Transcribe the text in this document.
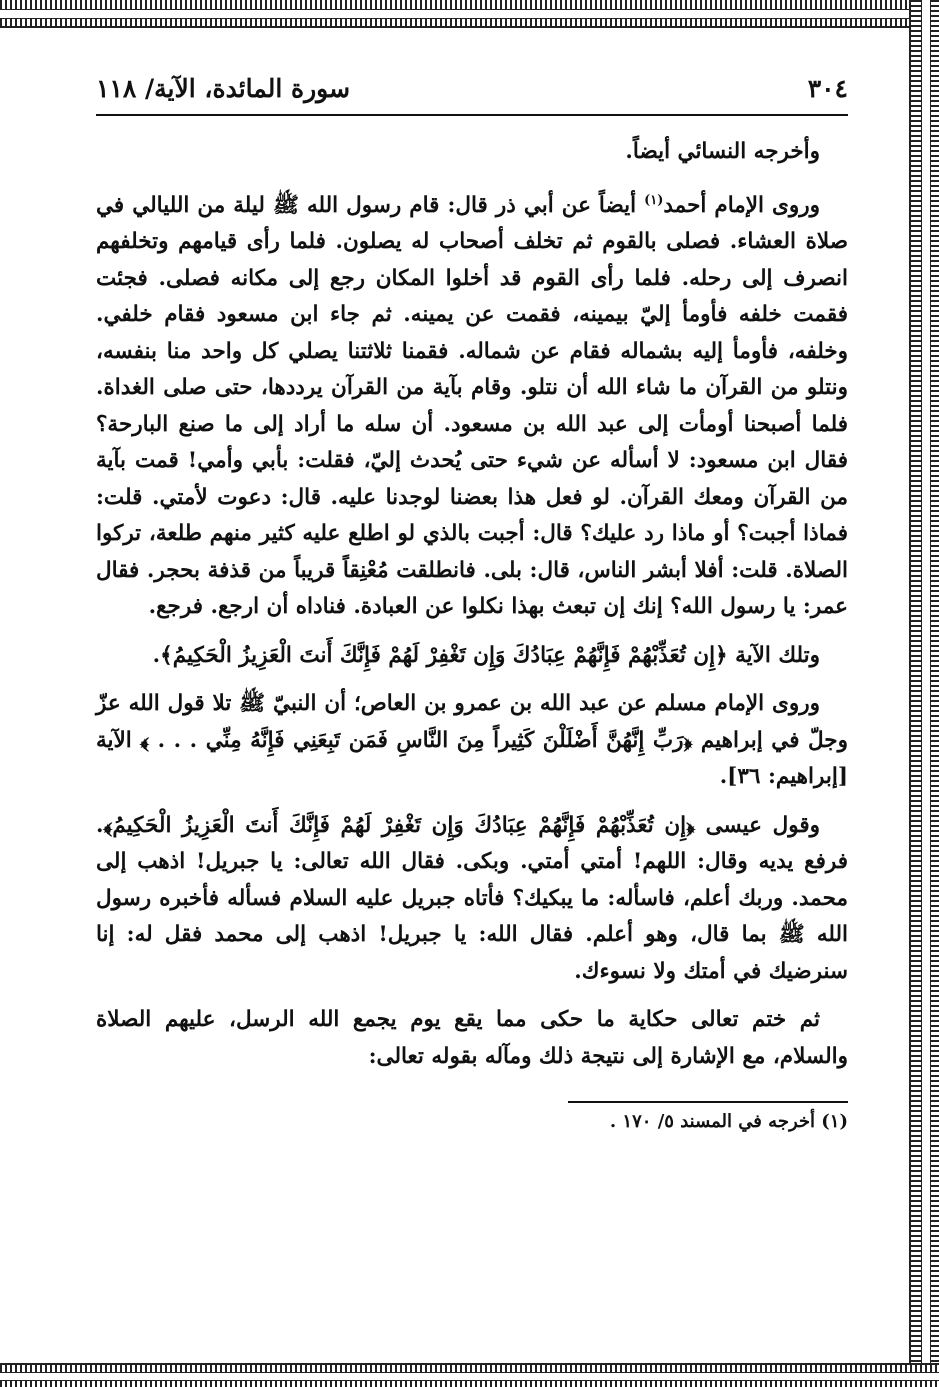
٣٠٤
سورة المائدة، الآية/ ١١٨

وأخرجه النسائي أيضاً.

وروى الإمام أحمد$^{(١)}$ أيضاً عن أبي ذر قال: قام رسول الله ﷺ ليلة من الليالي في صلاة العشاء. فصلى بالقوم ثم تخلف أصحاب له يصلون. فلما رأى قيامهم وتخلفهم انصرف إلى رحله. فلما رأى القوم قد أخلوا المكان رجع إلى مكانه فصلى. فجئت فقمت خلفه فأومأ إليّ بيمينه، فقمت عن يمينه. ثم جاء ابن مسعود فقام خلفي. وخلفه، فأومأ إليه بشماله فقام عن شماله. فقمنا ثلاثتنا يصلي كل واحد منا بنفسه، ونتلو من القرآن ما شاء الله أن نتلو. وقام بآية من القرآن يرددها، حتى صلى الغداة. فلما أصبحنا أومأت إلى عبد الله بن مسعود. أن سله ما أراد إلى ما صنع البارحة؟ فقال ابن مسعود: لا أسأله عن شيء حتى يُحدث إليّ، فقلت: بأبي وأمي! قمت بآية من القرآن ومعك القرآن. لو فعل هذا بعضنا لوجدنا عليه. قال: دعوت لأمتي. قلت: فماذا أجبت؟ أو ماذا رد عليك؟ قال: أجبت بالذي لو اطلع عليه كثير منهم طلعة، تركوا الصلاة. قلت: أفلا أبشر الناس، قال: بلى. فانطلقت مُعْنِقاً قريباً من قذفة بحجر. فقال عمر: يا رسول الله؟ إنك إن تبعث بهذا نكلوا عن العبادة. فناداه أن ارجع. فرجع.

وتلك الآية ﴿إِن تُعَذِّبْهُمْ فَإِنَّهُمْ عِبَادُكَ وَإِن تَغْفِرْ لَهُمْ فَإِنَّكَ أَنتَ الْعَزِيزُ الْحَكِيمُ﴾.

وروى الإمام مسلم عن عبد الله بن عمرو بن العاص؛ أن النبيّ ﷺ تلا قول الله عزّ وجلّ في إبراهيم ﴿رَبِّ إِنَّهُنَّ أَضْلَلْنَ كَثِيراً مِنَ النَّاسِ فَمَن تَبِعَنِي فَإِنَّهُ مِنِّي . . . ﴾ الآية [إبراهيم: ٣٦].

وقول عيسى ﴿إِن تُعَذِّبْهُمْ فَإِنَّهُمْ عِبَادُكَ وَإِن تَغْفِرْ لَهُمْ فَإِنَّكَ أَنتَ الْعَزِيزُ الْحَكِيمُ﴾. فرفع يديه وقال: اللهم! أمتي أمتي. وبكى. فقال الله تعالى: يا جبريل! اذهب إلى محمد. وربك أعلم، فاسأله: ما يبكيك؟ فأتاه جبريل عليه السلام فسأله فأخبره رسول الله ﷺ بما قال، وهو أعلم. فقال الله: يا جبريل! اذهب إلى محمد فقل له: إنا سنرضيك في أمتك ولا نسوءك.

ثم ختم تعالى حكاية ما حكى مما يقع يوم يجمع الله الرسل، عليهم الصلاة والسلام، مع الإشارة إلى نتيجة ذلك ومآله بقوله تعالى:

(١) أخرجه في المسند ٥/ ١٧٠ .
